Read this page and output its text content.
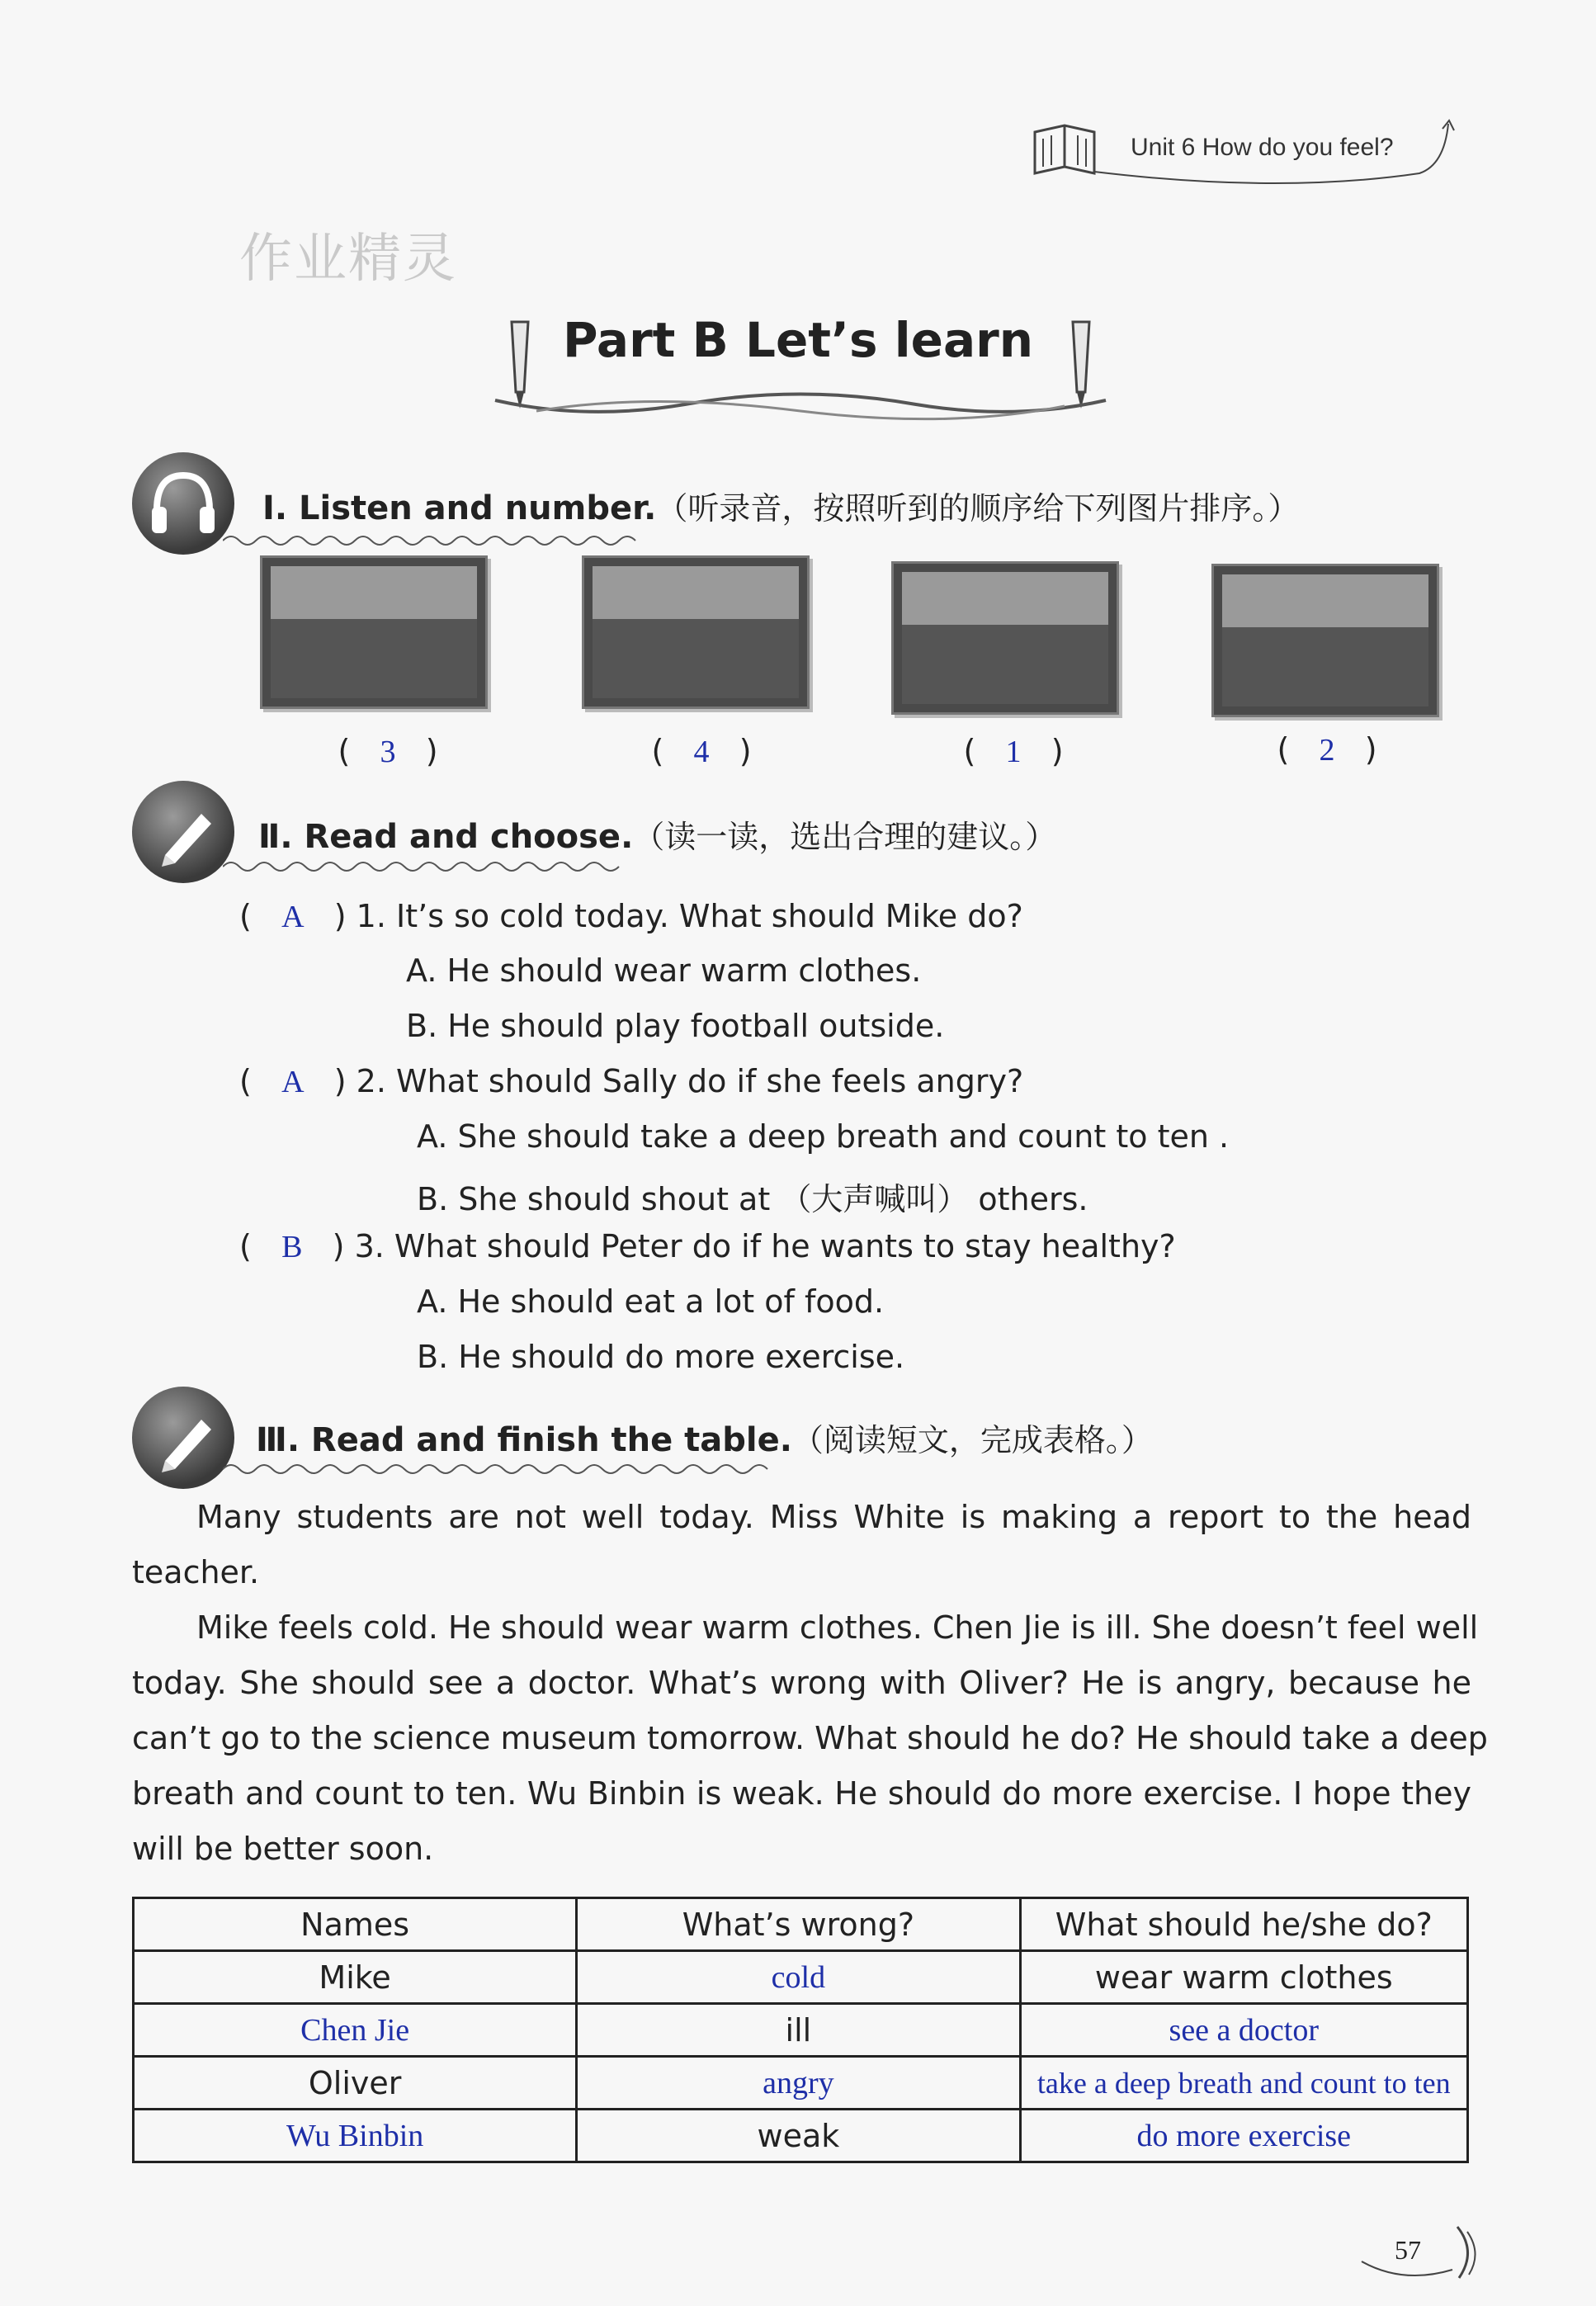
Unit 6 How do you feel?
作业精灵
Part B Let’s learn
Ⅰ. Listen and number.（听录音，按照听到的顺序给下列图片排序。）
(   3   )	(   4   )	(   1   )	(   2   )
Ⅱ. Read and choose.（读一读，选出合理的建议。）
(   A   ) 1. It’s so cold today. What should Mike do?
A. He should wear warm clothes.
B. He should play football outside.
(   A   ) 2. What should Sally do if she feels angry?
A. She should take a deep breath and count to ten .
B. She should shout at （大声喊叫） others.
(   B   ) 3. What should Peter do if he wants to stay healthy?
A. He should eat a lot of food.
B. He should do more exercise.
Ⅲ. Read and finish the table.（阅读短文，完成表格。）
Many students are not well today. Miss White is making a report to the head
teacher.
Mike feels cold. He should wear warm clothes. Chen Jie is ill. She doesn’t feel well
today. She should see a doctor. What’s wrong with Oliver? He is angry, because he
can’t go to the science museum tomorrow. What should he do? He should take a deep
breath and count to ten. Wu Binbin is weak. He should do more exercise. I hope they
will be better soon.
Names	What’s wrong?	What should he/she do?
Mike	cold	wear warm clothes
Chen Jie	ill	see a doctor
Oliver	angry	take a deep breath and count to ten
Wu Binbin	weak	do more exercise
57
